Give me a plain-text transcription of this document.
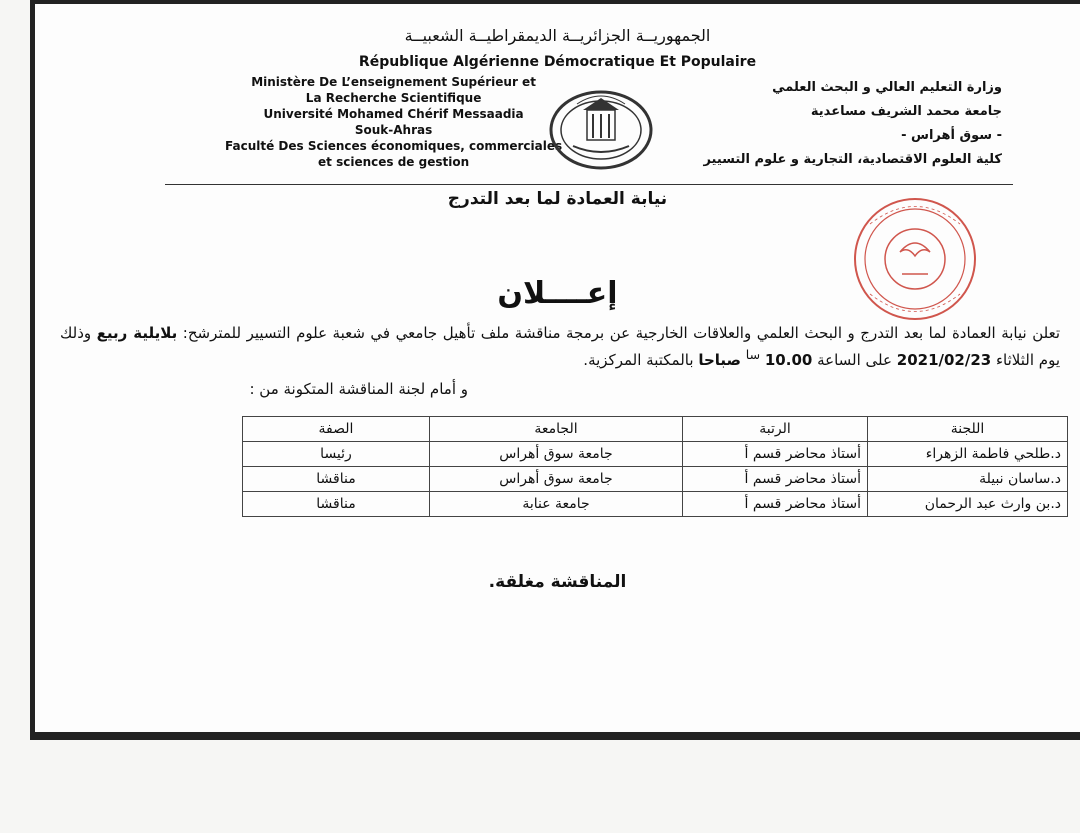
الجمهوريــة الجزائريــة الديمقراطيــة الشعبيــة
République Algérienne Démocratique Et Populaire
Ministère De L’enseignement Supérieur et
La Recherche Scientifique
Université Mohamed Chérif Messaadia
Souk-Ahras
Faculté Des Sciences économiques, commerciales
et sciences de gestion
وزارة التعليم العالي و البحث العلمي
جامعة محمد الشريف مساعدية
- سوق أهراس -
كلية العلوم الاقتصادية، التجارية و علوم التسيير
نيابة العمادة لما بعد التدرج
إعــــلان
تعلن نيابة العمادة لما بعد التدرج و البحث العلمي والعلاقات الخارجية عن برمجة مناقشة ملف تأهيل جامعي في شعبة علوم التسيير للمترشح: بلايلية ربيع وذلك يوم الثلاثاء 2021/02/23 على الساعة 10.00 $^{سا}$ صباحا بالمكتبة المركزية.
و أمام لجنة المناقشة المتكونة من :
اللجنة	الرتبة	الجامعة	الصفة
د.طلحي فاطمة الزهراء	أستاذ محاضر قسم أ	جامعة سوق أهراس	رئيسا
د.ساسان نبيلة	أستاذ محاضر قسم أ	جامعة سوق أهراس	مناقشا
د.بن وارث عبد الرحمان	أستاذ محاضر قسم أ	جامعة عنابة	مناقشا
المناقشة مغلقة.
